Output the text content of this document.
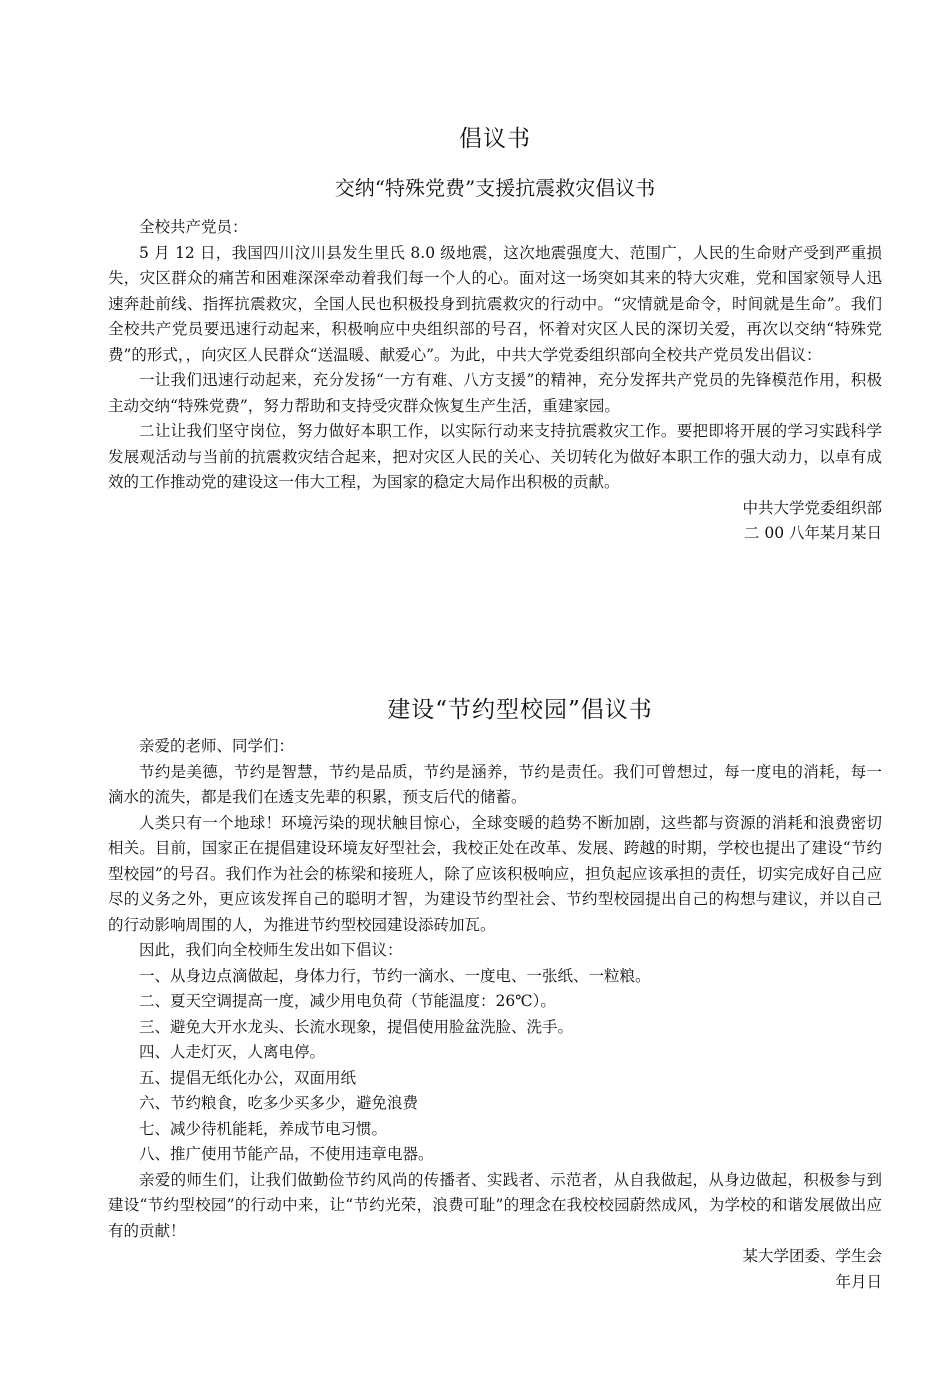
倡议书
交纳“特殊党费”支援抗震救灾倡议书

全校共产党员：

5 月 12 日，我国四川汶川县发生里氏 8.0 级地震，这次地震强度大、范围广，人民的生命财产受到严重损失，灾区群众的痛苦和困难深深牵动着我们每一个人的心。面对这一场突如其来的特大灾难，党和国家领导人迅速奔赴前线、指挥抗震救灾，全国人民也积极投身到抗震救灾的行动中。“灾情就是命令，时间就是生命”。我们全校共产党员要迅速行动起来，积极响应中央组织部的号召，怀着对灾区人民的深切关爱，再次以交纳“特殊党费”的形式，，向灾区人民群众“送温暖、献爱心”。为此，中共大学党委组织部向全校共产党员发出倡议：

一让我们迅速行动起来，充分发扬“一方有难、八方支援”的精神，充分发挥共产党员的先锋模范作用，积极主动交纳“特殊党费”，努力帮助和支持受灾群众恢复生产生活，重建家园。

二让让我们坚守岗位，努力做好本职工作，以实际行动来支持抗震救灾工作。要把即将开展的学习实践科学发展观活动与当前的抗震救灾结合起来，把对灾区人民的关心、关切转化为做好本职工作的强大动力，以卓有成效的工作推动党的建设这一伟大工程，为国家的稳定大局作出积极的贡献。

中共大学党委组织部

二 00 八年某月某日

建设“节约型校园”倡议书

亲爱的老师、同学们：

节约是美德，节约是智慧，节约是品质，节约是涵养，节约是责任。我们可曾想过，每一度电的消耗，每一滴水的流失，都是我们在透支先辈的积累，预支后代的储蓄。

人类只有一个地球！环境污染的现状触目惊心，全球变暖的趋势不断加剧，这些都与资源的消耗和浪费密切相关。目前，国家正在提倡建设环境友好型社会，我校正处在改革、发展、跨越的时期，学校也提出了建设“节约型校园”的号召。我们作为社会的栋梁和接班人，除了应该积极响应，担负起应该承担的责任，切实完成好自己应尽的义务之外，更应该发挥自己的聪明才智，为建设节约型社会、节约型校园提出自己的构想与建议，并以自己的行动影响周围的人，为推进节约型校园建设添砖加瓦。

因此，我们向全校师生发出如下倡议：

一、从身边点滴做起，身体力行，节约一滴水、一度电、一张纸、一粒粮。

二、夏天空调提高一度，减少用电负荷（节能温度：26℃）。

三、避免大开水龙头、长流水现象，提倡使用脸盆洗脸、洗手。

四、人走灯灭，人离电停。

五、提倡无纸化办公，双面用纸

六、节约粮食，吃多少买多少，避免浪费

七、减少待机能耗，养成节电习惯。

八、推广使用节能产品，不使用违章电器。

亲爱的师生们，让我们做勤俭节约风尚的传播者、实践者、示范者，从自我做起，从身边做起，积极参与到建设“节约型校园”的行动中来，让“节约光荣，浪费可耻”的理念在我校校园蔚然成风，为学校的和谐发展做出应有的贡献！

某大学团委、学生会

年月日
